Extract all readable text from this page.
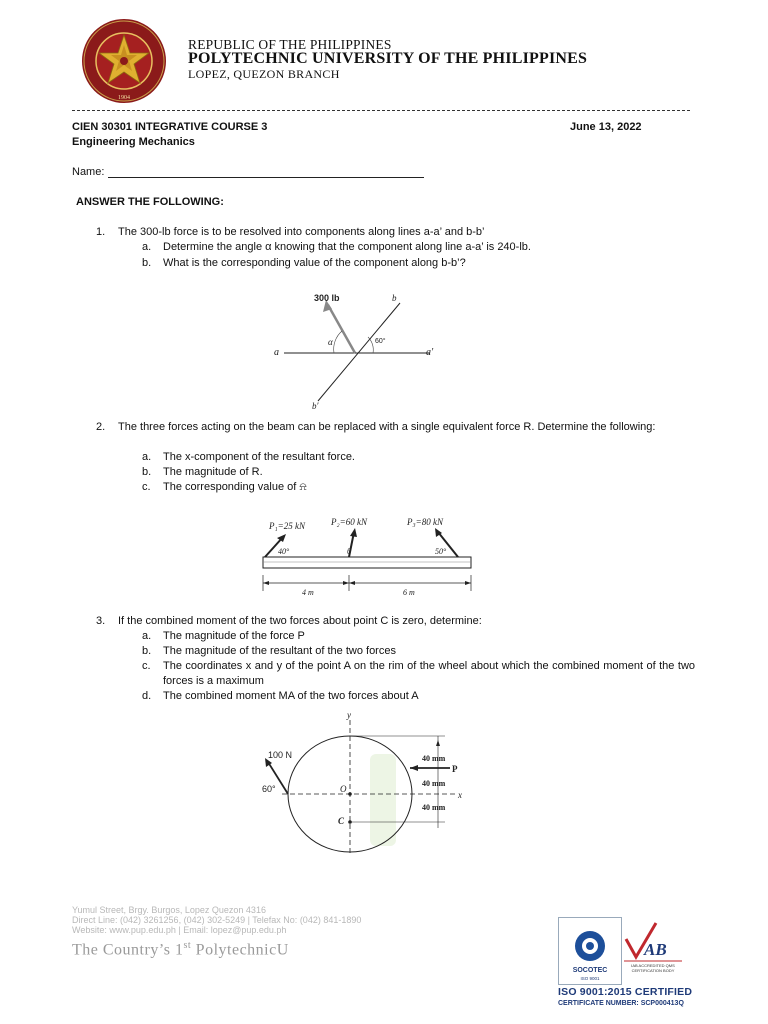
1904
REPUBLIC OF THE PHILIPPINES
POLYTECHNIC UNIVERSITY OF THE PHILIPPINES
LOPEZ, QUEZON BRANCH
CIEN 30301 INTEGRATIVE COURSE 3	June 13, 2022
Engineering Mechanics
Name:
ANSWER THE FOLLOWING:
1. The 300-lb force is to be resolved into components along lines a-a’ and b-b’
a. Determine the angle α knowing that the component along line a-a’ is 240-lb.
b. What is the corresponding value of the component along b-b’?
300 lb	b
a	a′
b′
α	60°
2. The three forces acting on the beam can be replaced with a single equivalent force R. Determine the following:
a. The x-component of the resultant force.
b. The magnitude of R.
c. The corresponding value of ⍾
P₁=25 kN	P₂=60 kN	P₃=80 kN
40°	θ	50°
4 m	6 m
3. If the combined moment of the two forces about point C is zero, determine:
a. The magnitude of the force P
b. The magnitude of the resultant of the two forces
c. The coordinates x and y of the point A on the rim of the wheel about which the combined moment of the two forces is a maximum
d. The combined moment MA of the two forces about A
y
x
100 N
60°	O
C
P
40 mm
40 mm
40 mm
Yumul Street, Brgy. Burgos, Lopez Quezon 4316
Direct Line: (042) 3261256, (042) 302-5249 | Telefax No: (042) 841-1890
Website: www.pup.edu.ph | Email: lopez@pup.edu.ph
The Country’s 1st PolytechnicU
SOCOTEC
ISO 9001
AB
IAB ACCREDITED QMS CERTIFICATION BODY
ISO 9001:2015 CERTIFIED
CERTIFICATE NUMBER: SCP000413Q
